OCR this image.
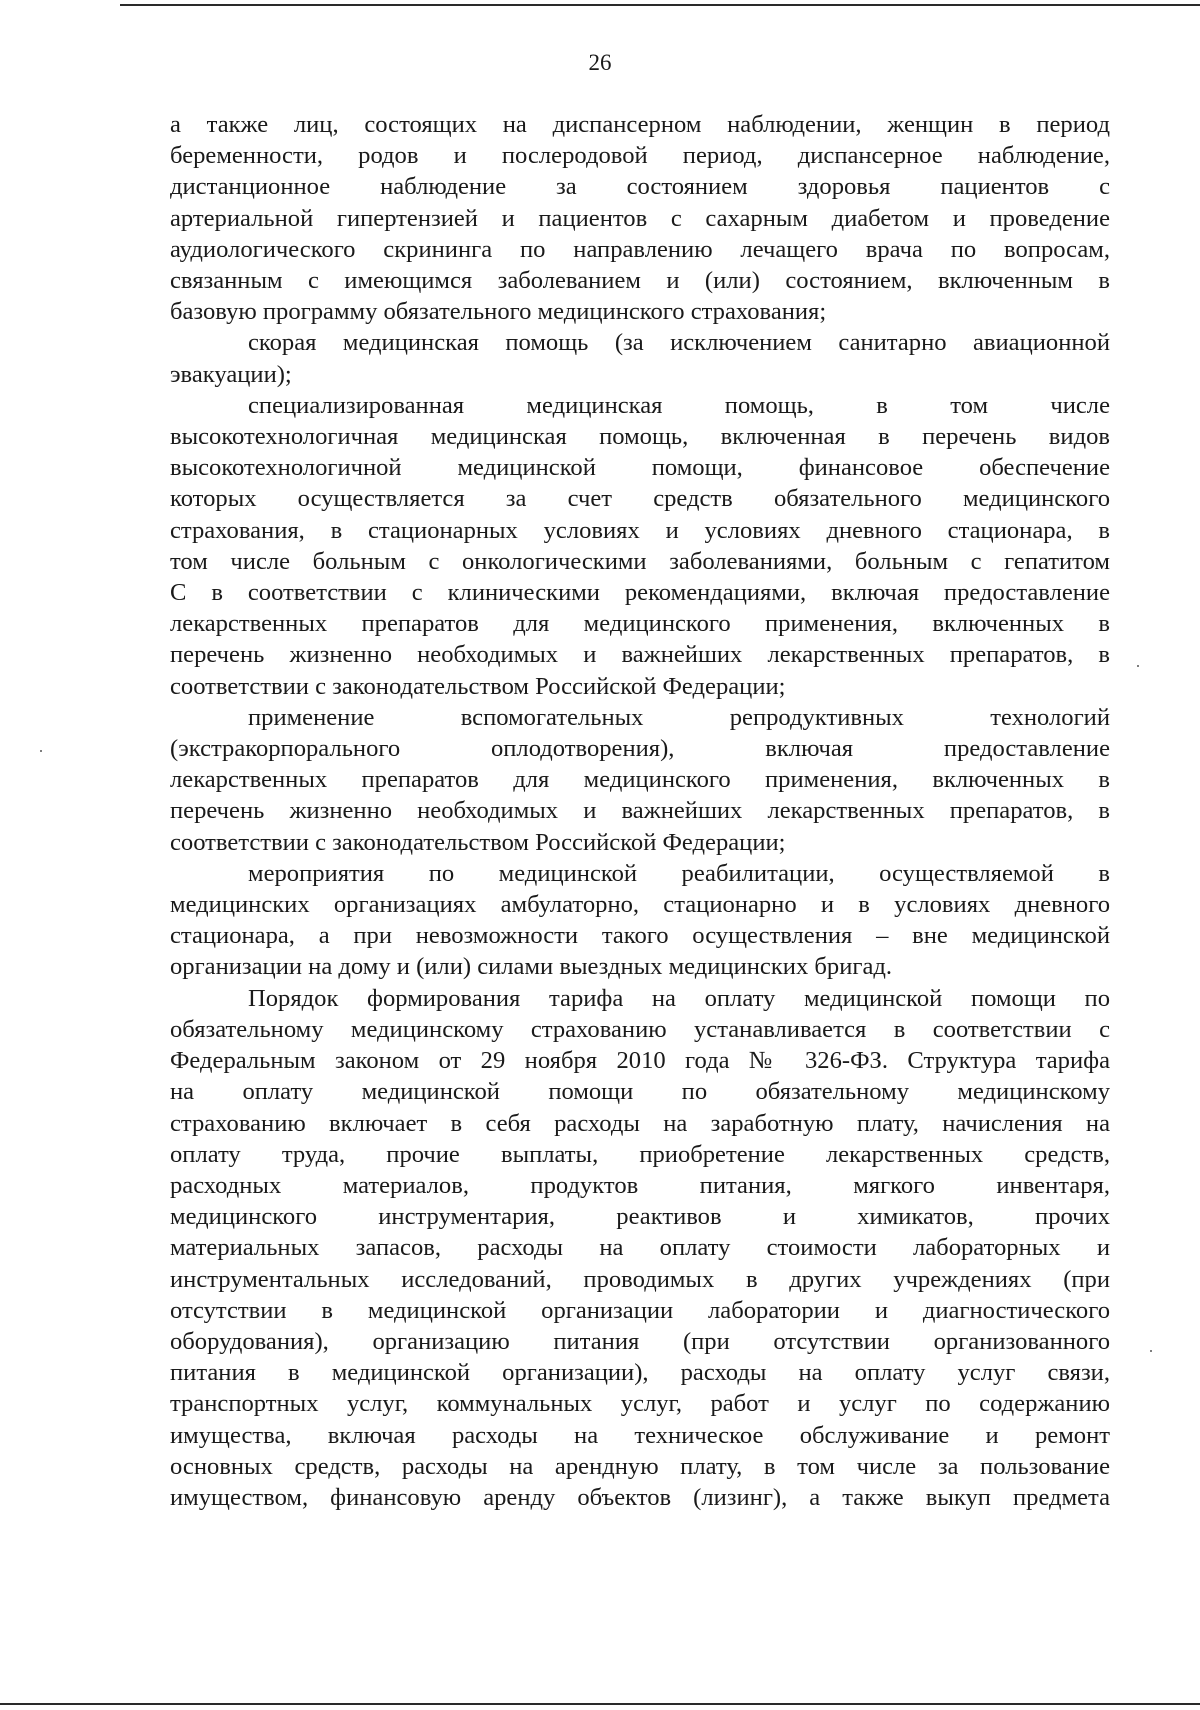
26

а также лиц, состоящих на диспансерном наблюдении, женщин в период
беременности, родов и послеродовой период, диспансерное наблюдение,
дистанционное наблюдение за состоянием здоровья пациентов с
артериальной гипертензией и пациентов с сахарным диабетом и проведение
аудиологического скрининга по направлению лечащего врача по вопросам,
связанным с имеющимся заболеванием и (или) состоянием, включенным в
базовую программу обязательного медицинского страхования;

скорая медицинская помощь (за исключением санитарно авиационной
эвакуации);

специализированная медицинская помощь, в том числе
высокотехнологичная медицинская помощь, включенная в перечень видов
высокотехнологичной медицинской помощи, финансовое обеспечение
которых осуществляется за счет средств обязательного медицинского
страхования, в стационарных условиях и условиях дневного стационара, в
том числе больным с онкологическими заболеваниями, больным с гепатитом
С в соответствии с клиническими рекомендациями, включая предоставление
лекарственных препаратов для медицинского применения, включенных в
перечень жизненно необходимых и важнейших лекарственных препаратов, в
соответствии с законодательством Российской Федерации;

применение вспомогательных репродуктивных технологий
(экстракорпорального оплодотворения), включая предоставление
лекарственных препаратов для медицинского применения, включенных в
перечень жизненно необходимых и важнейших лекарственных препаратов, в
соответствии с законодательством Российской Федерации;

мероприятия по медицинской реабилитации, осуществляемой в
медицинских организациях амбулаторно, стационарно и в условиях дневного
стационара, а при невозможности такого осуществления – вне медицинской
организации на дому и (или) силами выездных медицинских бригад.

Порядок формирования тарифа на оплату медицинской помощи по
обязательному медицинскому страхованию устанавливается в соответствии с
Федеральным законом от 29 ноября 2010 года № 326-ФЗ. Структура тарифа
на оплату медицинской помощи по обязательному медицинскому
страхованию включает в себя расходы на заработную плату, начисления на
оплату труда, прочие выплаты, приобретение лекарственных средств,
расходных материалов, продуктов питания, мягкого инвентаря,
медицинского инструментария, реактивов и химикатов, прочих
материальных запасов, расходы на оплату стоимости лабораторных и
инструментальных исследований, проводимых в других учреждениях (при
отсутствии в медицинской организации лаборатории и диагностического
оборудования), организацию питания (при отсутствии организованного
питания в медицинской организации), расходы на оплату услуг связи,
транспортных услуг, коммунальных услуг, работ и услуг по содержанию
имущества, включая расходы на техническое обслуживание и ремонт
основных средств, расходы на арендную плату, в том числе за пользование
имуществом, финансовую аренду объектов (лизинг), а также выкуп предмета
